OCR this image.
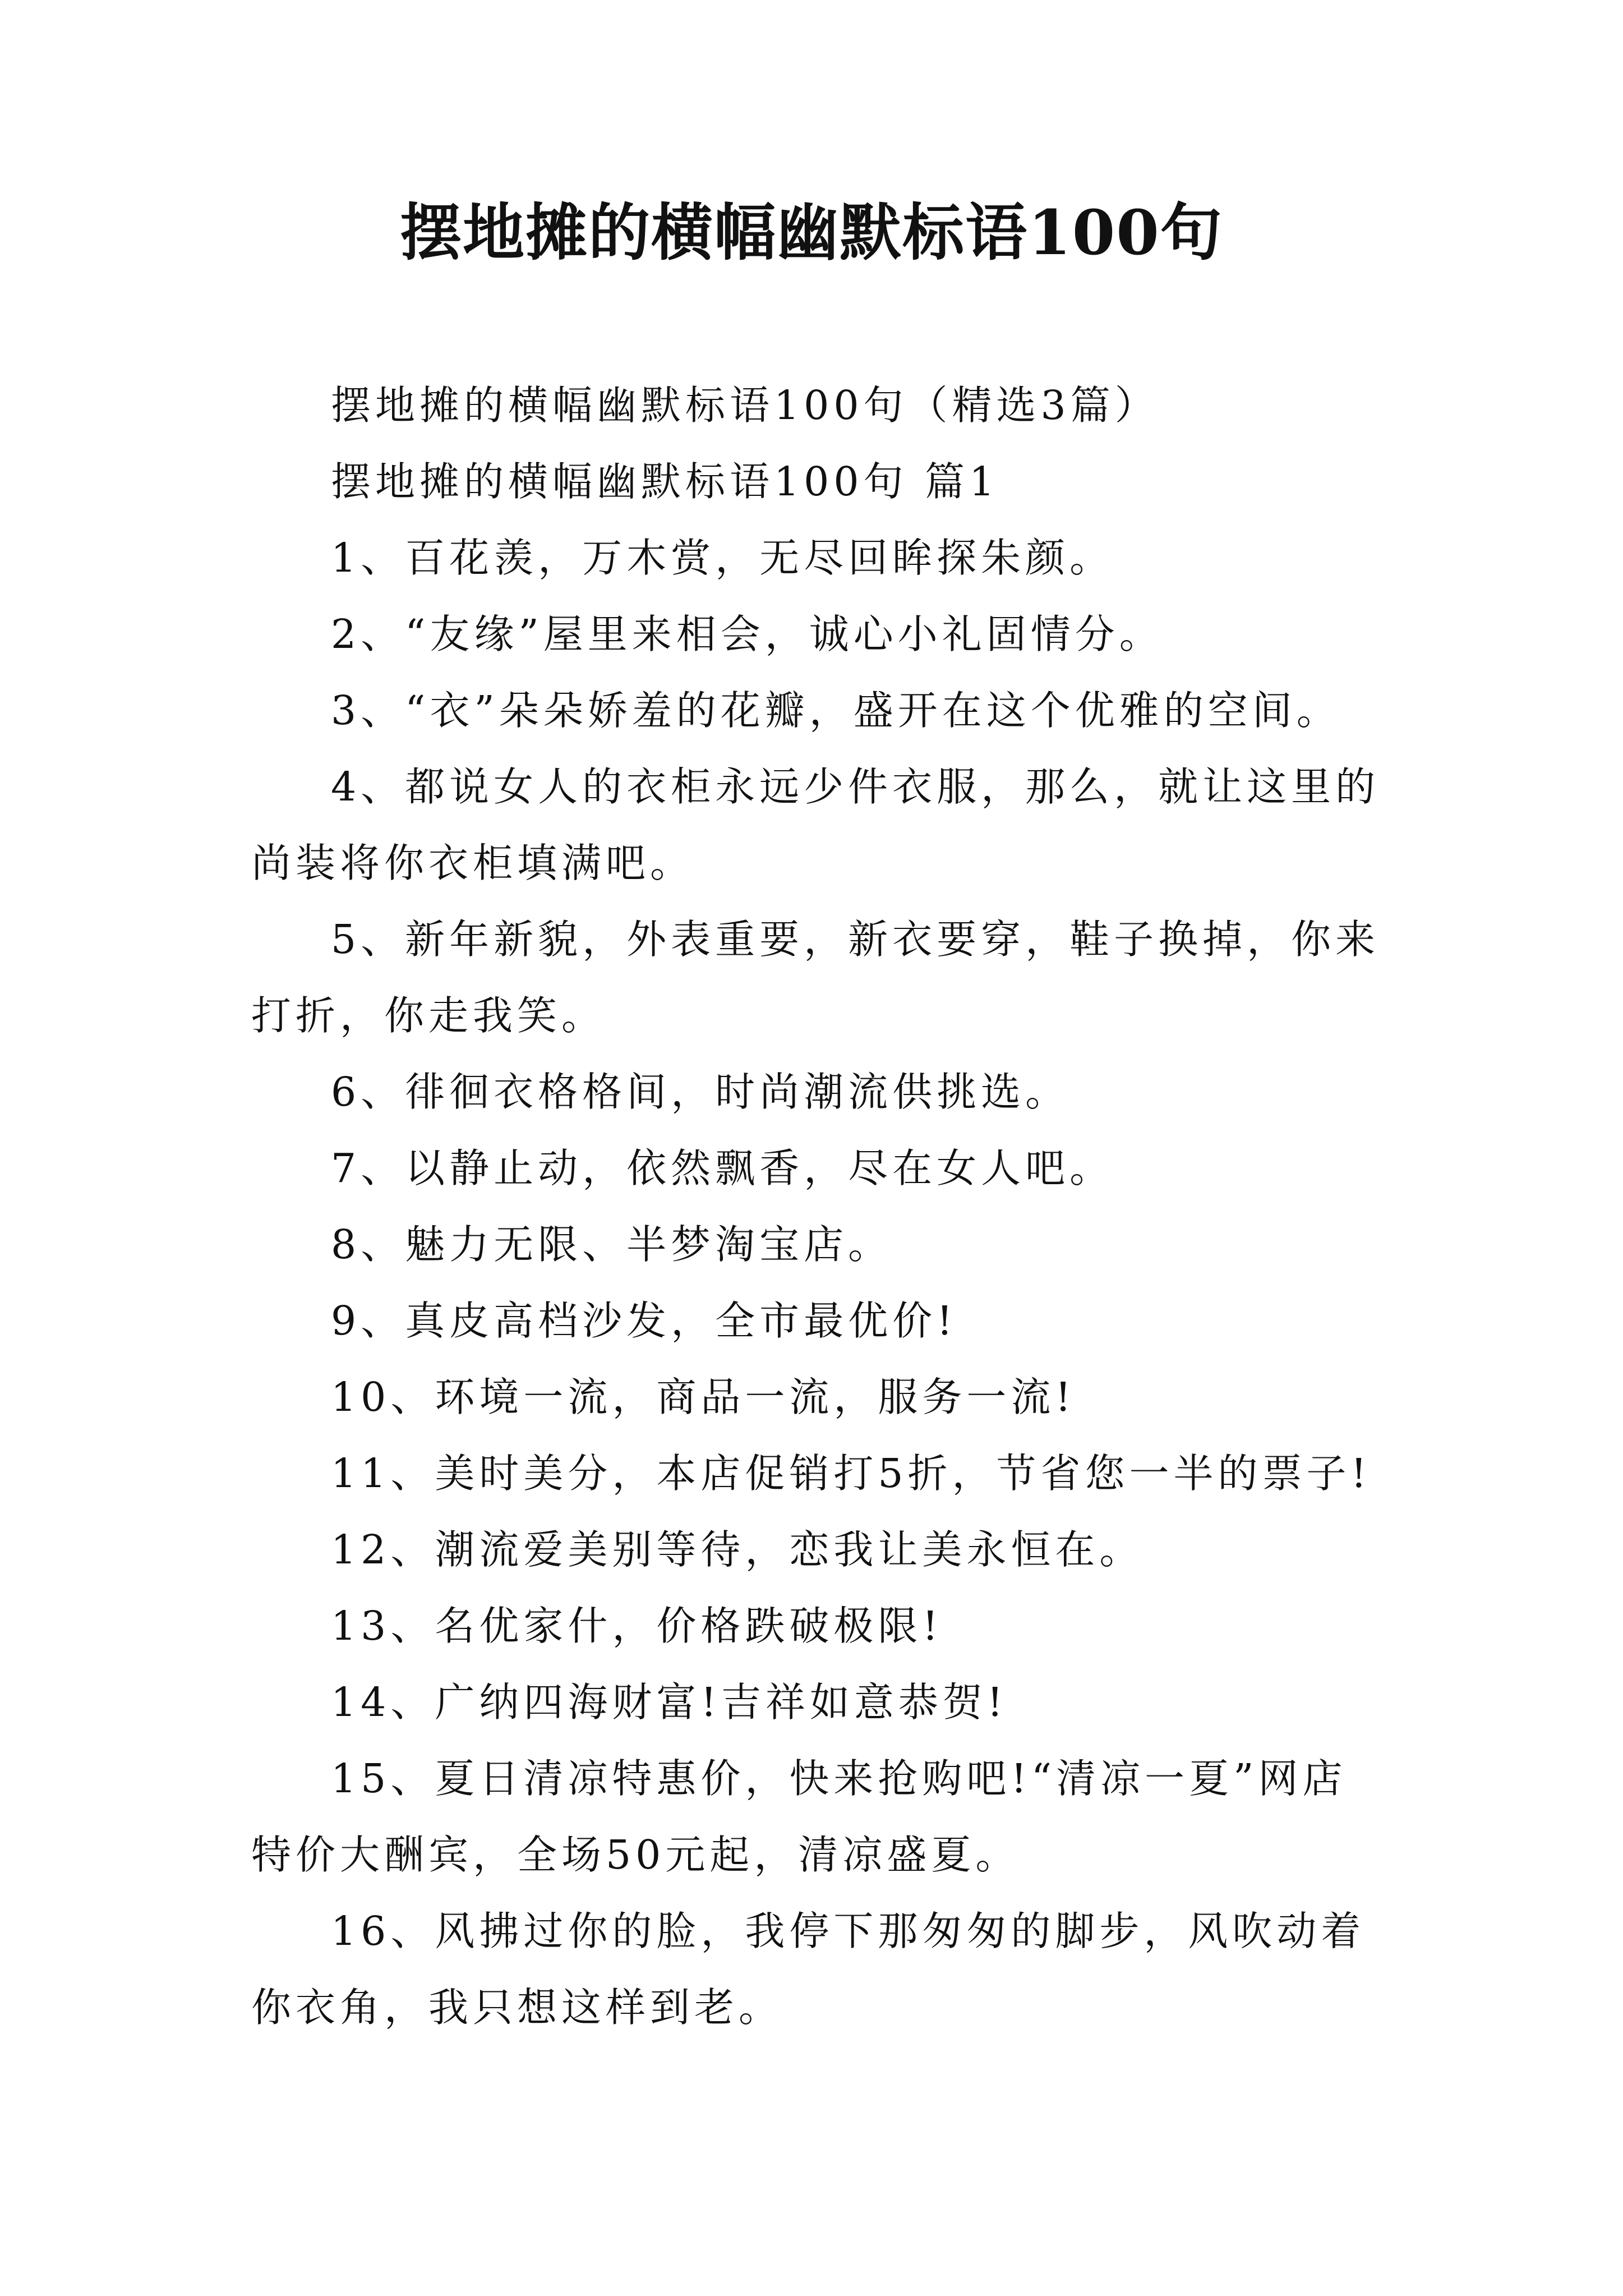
摆地摊的横幅幽默标语100句

摆地摊的横幅幽默标语100句（精选3篇）

摆地摊的横幅幽默标语100句 篇1

1、百花羡，万木赏，无尽回眸探朱颜。

2、“友缘”屋里来相会，诚心小礼固情分。

3、“衣”朵朵娇羞的花瓣，盛开在这个优雅的空间。

4、都说女人的衣柜永远少件衣服，那么，就让这里的尚装将你衣柜填满吧。

5、新年新貌，外表重要，新衣要穿，鞋子换掉，你来打折，你走我笑。

6、徘徊衣格格间，时尚潮流供挑选。

7、以静止动，依然飘香，尽在女人吧。

8、魅力无限、半梦淘宝店。

9、真皮高档沙发，全市最优价!

10、环境一流，商品一流，服务一流!

11、美时美分，本店促销打5折，节省您一半的票子!

12、潮流爱美别等待，恋我让美永恒在。

13、名优家什，价格跌破极限!

14、广纳四海财富!吉祥如意恭贺!

15、夏日清凉特惠价，快来抢购吧!“清凉一夏”网店特价大酬宾，全场50元起，清凉盛夏。

16、风拂过你的脸，我停下那匆匆的脚步，风吹动着你衣角，我只想这样到老。
